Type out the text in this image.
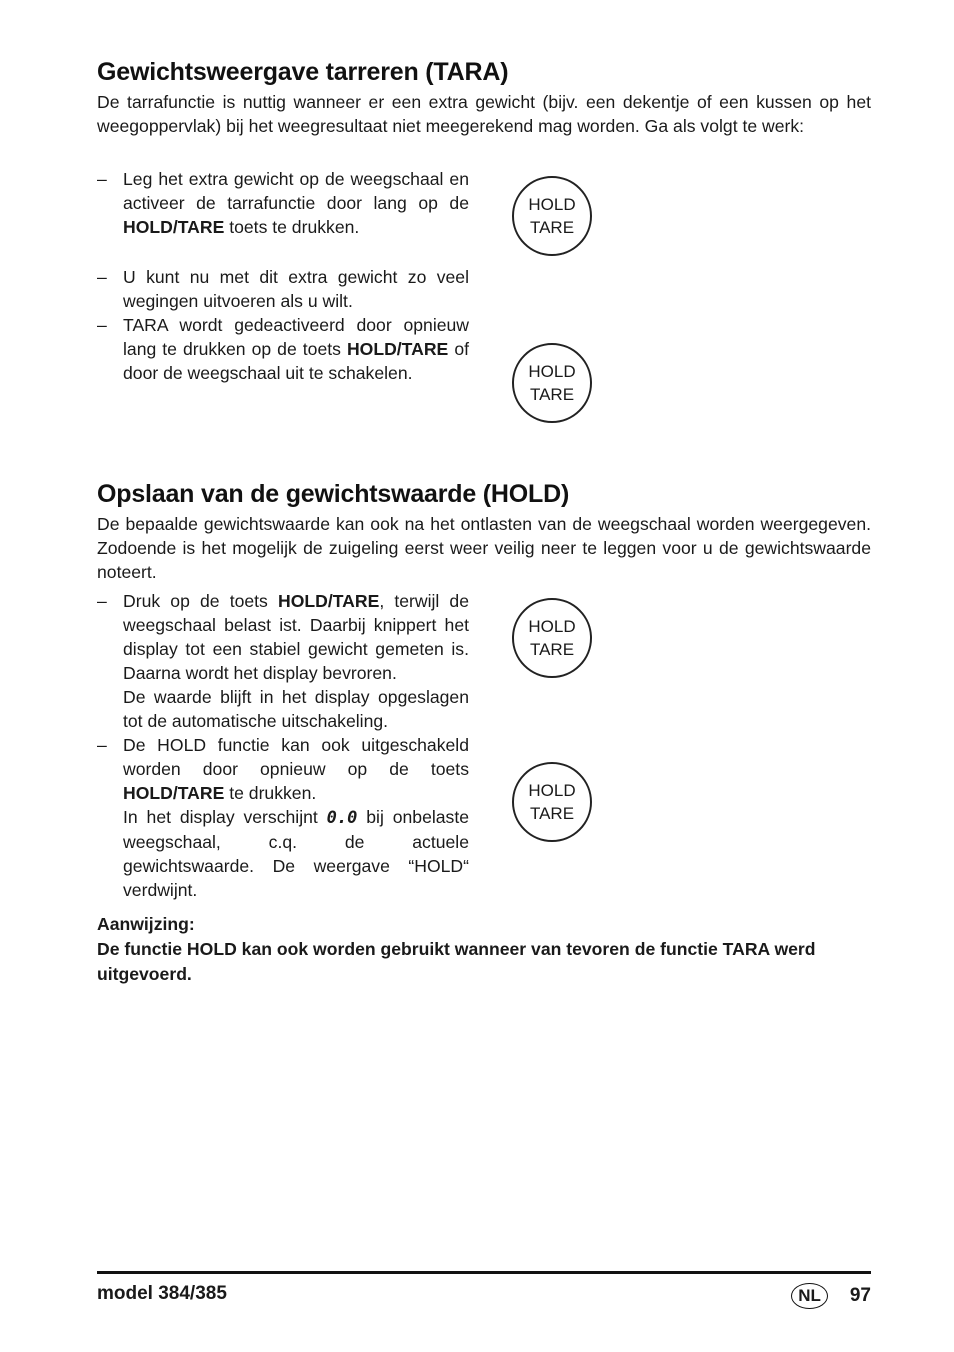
Gewichtsweergave tarreren (TARA)

De tarrafunctie is nuttig wanneer er een extra gewicht (bijv. een dekentje of een kussen op het weegoppervlak) bij het weegresultaat niet meegerekend mag worden. Ga als volgt te werk:

– Leg het extra gewicht op de weegschaal en activeer de tarrafunctie door lang op de HOLD/TARE toets te drukken.
– U kunt nu met dit extra gewicht zo veel wegingen uitvoeren als u wilt.
– TARA wordt gedeactiveerd door opnieuw lang te drukken op de toets HOLD/TARE of door de weegschaal uit te schakelen.
HOLD
TARE
HOLD
TARE
Opslaan van de gewichtswaarde (HOLD)

De bepaalde gewichtswaarde kan ook na het ontlasten van de weegschaal worden weergegeven. Zodoende is het mogelijk de zuigeling eerst weer veilig neer te leggen voor u de gewichtswaarde noteert.

– Druk op de toets HOLD/TARE, terwijl de weegschaal belast ist. Daarbij knippert het display tot een stabiel gewicht gemeten is. Daarna wordt het display bevroren.
De waarde blijft in het display opgeslagen tot de automatische uitschakeling.
– De HOLD functie kan ook uitgeschakeld worden door opnieuw op de toets HOLD/TARE te drukken.
In het display verschijnt 0.0 bij onbelaste weegschaal, c.q. de actuele gewichtswaarde. De weergave “HOLD“ verdwijnt.
HOLD
TARE
HOLD
TARE

Aanwijzing:

De functie HOLD kan ook worden gebruikt wanneer van tevoren de functie TARA werd uitgevoerd.

model 384/385	NL	97
